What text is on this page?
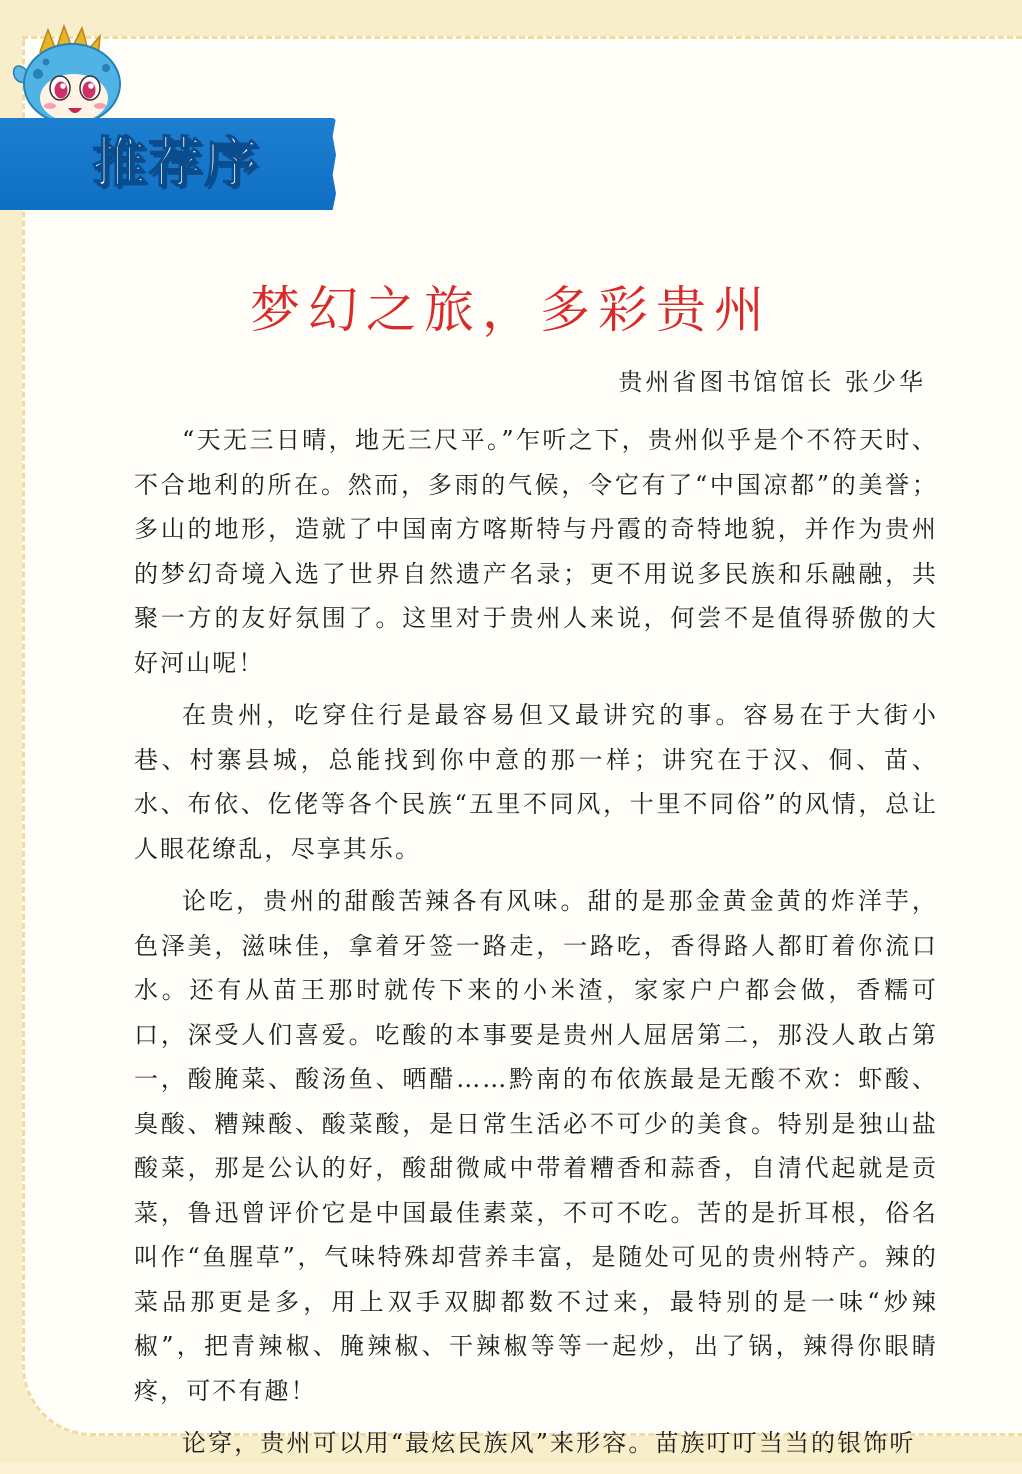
推荐序
梦幻之旅，多彩贵州
贵州省图书馆馆长 张少华

“天无三日晴，地无三尺平。”乍听之下，贵州似乎是个不符天时、不合地利的所在。然而，多雨的气候，令它有了“中国凉都”的美誉；多山的地形，造就了中国南方喀斯特与丹霞的奇特地貌，并作为贵州的梦幻奇境入选了世界自然遗产名录；更不用说多民族和乐融融，共聚一方的友好氛围了。这里对于贵州人来说，何尝不是值得骄傲的大好河山呢！

在贵州，吃穿住行是最容易但又最讲究的事。容易在于大街小巷、村寨县城，总能找到你中意的那一样；讲究在于汉、侗、苗、水、布依、仡佬等各个民族“五里不同风，十里不同俗”的风情，总让人眼花缭乱，尽享其乐。

论吃，贵州的甜酸苦辣各有风味。甜的是那金黄金黄的炸洋芋，色泽美，滋味佳，拿着牙签一路走，一路吃，香得路人都盯着你流口水。还有从苗王那时就传下来的小米渣，家家户户都会做，香糯可口，深受人们喜爱。吃酸的本事要是贵州人屈居第二，那没人敢占第一，酸腌菜、酸汤鱼、晒醋……黔南的布依族最是无酸不欢：虾酸、臭酸、糟辣酸、酸菜酸，是日常生活必不可少的美食。特别是独山盐酸菜，那是公认的好，酸甜微咸中带着糟香和蒜香，自清代起就是贡菜，鲁迅曾评价它是中国最佳素菜，不可不吃。苦的是折耳根，俗名叫作“鱼腥草”，气味特殊却营养丰富，是随处可见的贵州特产。辣的菜品那更是多，用上双手双脚都数不过来，最特别的是一味“炒辣椒”，把青辣椒、腌辣椒、干辣椒等等一起炒，出了锅，辣得你眼睛疼，可不有趣！

论穿，贵州可以用“最炫民族风”来形容。苗族叮叮当当的银饰听
